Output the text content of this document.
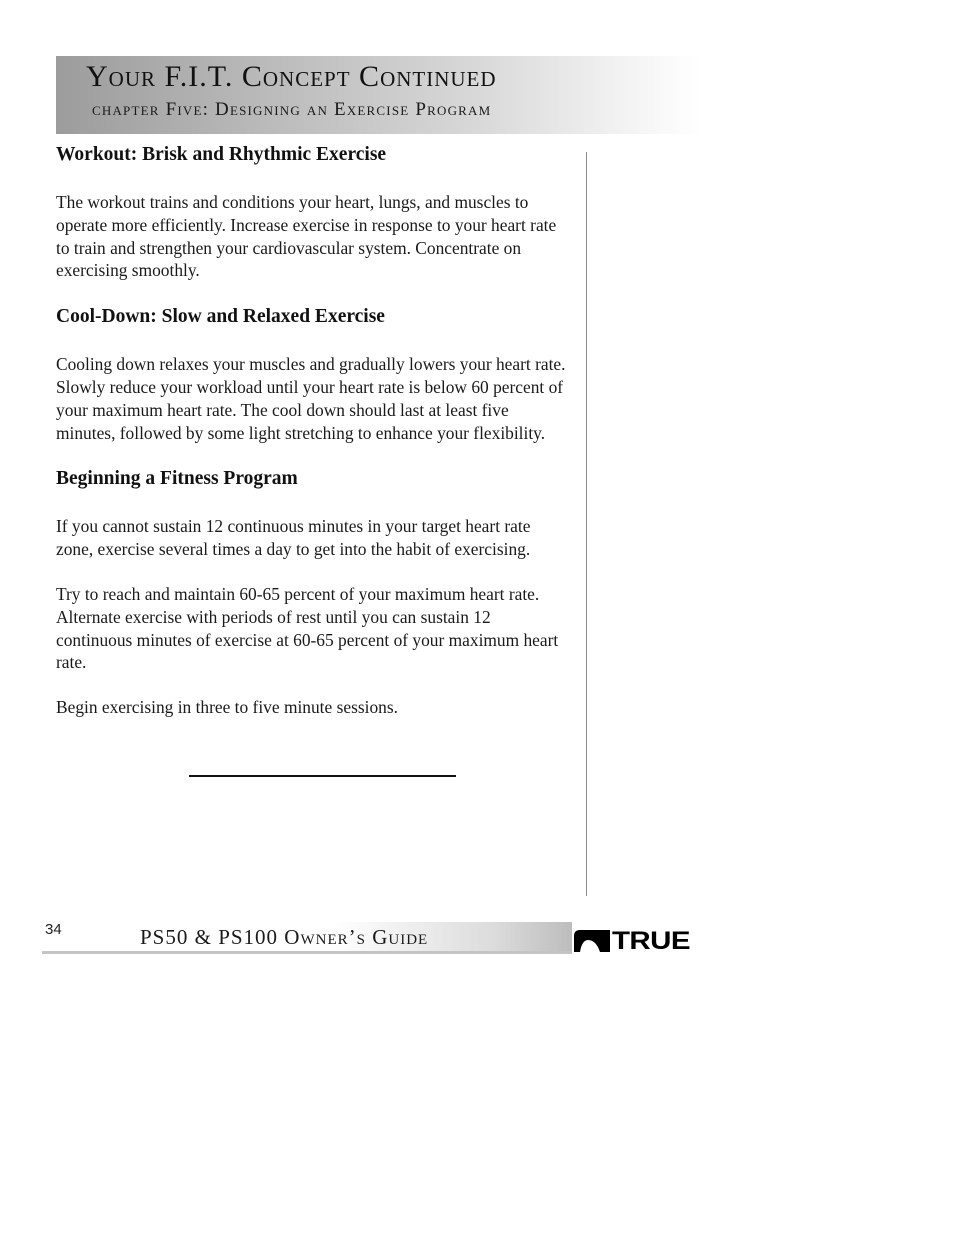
Your F.I.T. Concept Continued
chapter Five: Designing an Exercise Program
Workout: Brisk and Rhythmic Exercise

The workout trains and conditions your heart, lungs, and muscles to operate more efficiently. Increase exercise in response to your heart rate to train and strengthen your cardiovascular system. Concentrate on exercising smoothly.

Cool-Down: Slow and Relaxed Exercise

Cooling down relaxes your muscles and gradually lowers your heart rate. Slowly reduce your workload until your heart rate is below 60 percent of your maximum heart rate. The cool down should last at least five minutes, followed by some light stretching to enhance your flexibility.

Beginning a Fitness Program

If you cannot sustain 12 continuous minutes in your target heart rate zone, exercise several times a day to get into the habit of exercising.

Try to reach and maintain 60-65 percent of your maximum heart rate. Alternate exercise with periods of rest until you can sustain 12 continuous minutes of exercise at 60-65 percent of your maximum heart rate.

Begin exercising in three to five minute sessions.

34	PS50 & PS100 Owner’s Guide	TRUE
